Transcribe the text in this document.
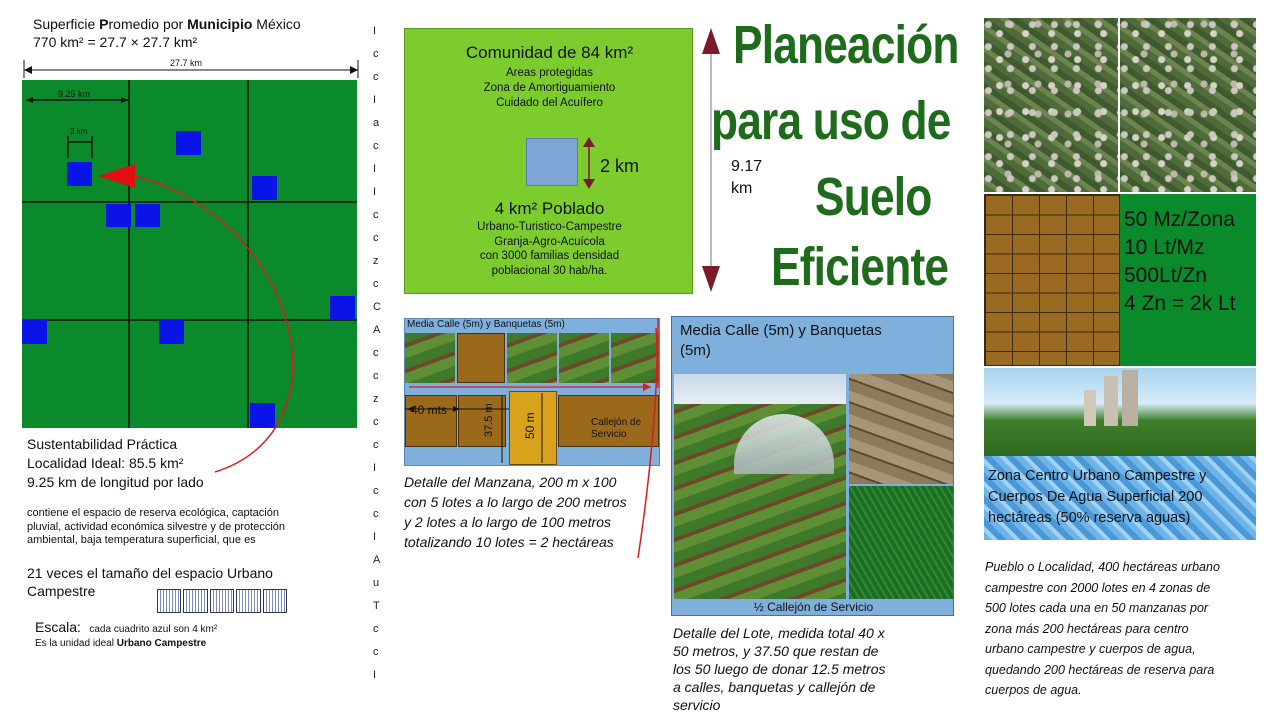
Superficie Promedio por Municipio México
770 km² = 27.7 × 27.7 km²
27.7 km
9.25 km
2 km
Sustentabilidad Práctica
Localidad Ideal: 85.5 km²
9.25 km de longitud por lado
contiene el espacio de reserva ecológica, captación
pluvial, actividad económica silvestre y de protección
ambiental, baja temperatura superficial, que es
21 veces el tamaño del espacio Urbano
Campestre
Escala: cada cuadrito azul son 4 km²
Es la unidad ideal Urbano Campestre
Ic c I a c I I c c z c C A c c z c c I c c I A u T c c I
Comunidad de 84 km²
Areas protegidas
Zona de Amortiguamiento
Cuidado del Acuífero
2 km
4 km² Poblado
Urbano-Turistico-Campestre
Granja-Agro-Acuícola
con 3000 familias densidad
poblacional 30 hab/ha.
9.17
km
Planeación
para uso de
Suelo
Eficiente
Media Calle (5m) y Banquetas (5m)
40 mts	37.5 m 50 m	Callejón de
Servicio
Detalle del Manzana, 200 m x 100
con 5 lotes a lo largo de 200 metros
y 2 lotes a lo largo de 100 metros
totalizando 10 lotes = 2 hectáreas
Media Calle (5m) y Banquetas
(5m)
½ Callejón de Servicio
Detalle del Lote, medida total 40 x
50 metros, y 37.50 que restan de
los 50 luego de donar 12.5 metros
a calles, banquetas y callejón de
servicio
50 Mz/Zona
10 Lt/Mz
500Lt/Zn
4 Zn = 2k Lt
Zona Centro Urbano Campestre y
Cuerpos De Agua Superficial 200
hectáreas (50% reserva aguas)
Pueblo o Localidad, 400 hectáreas urbano
campestre con 2000 lotes en 4 zonas de
500 lotes cada una en 50 manzanas por
zona más 200 hectáreas para centro
urbano campestre y cuerpos de agua,
quedando 200 hectáreas de reserva para
cuerpos de agua.
